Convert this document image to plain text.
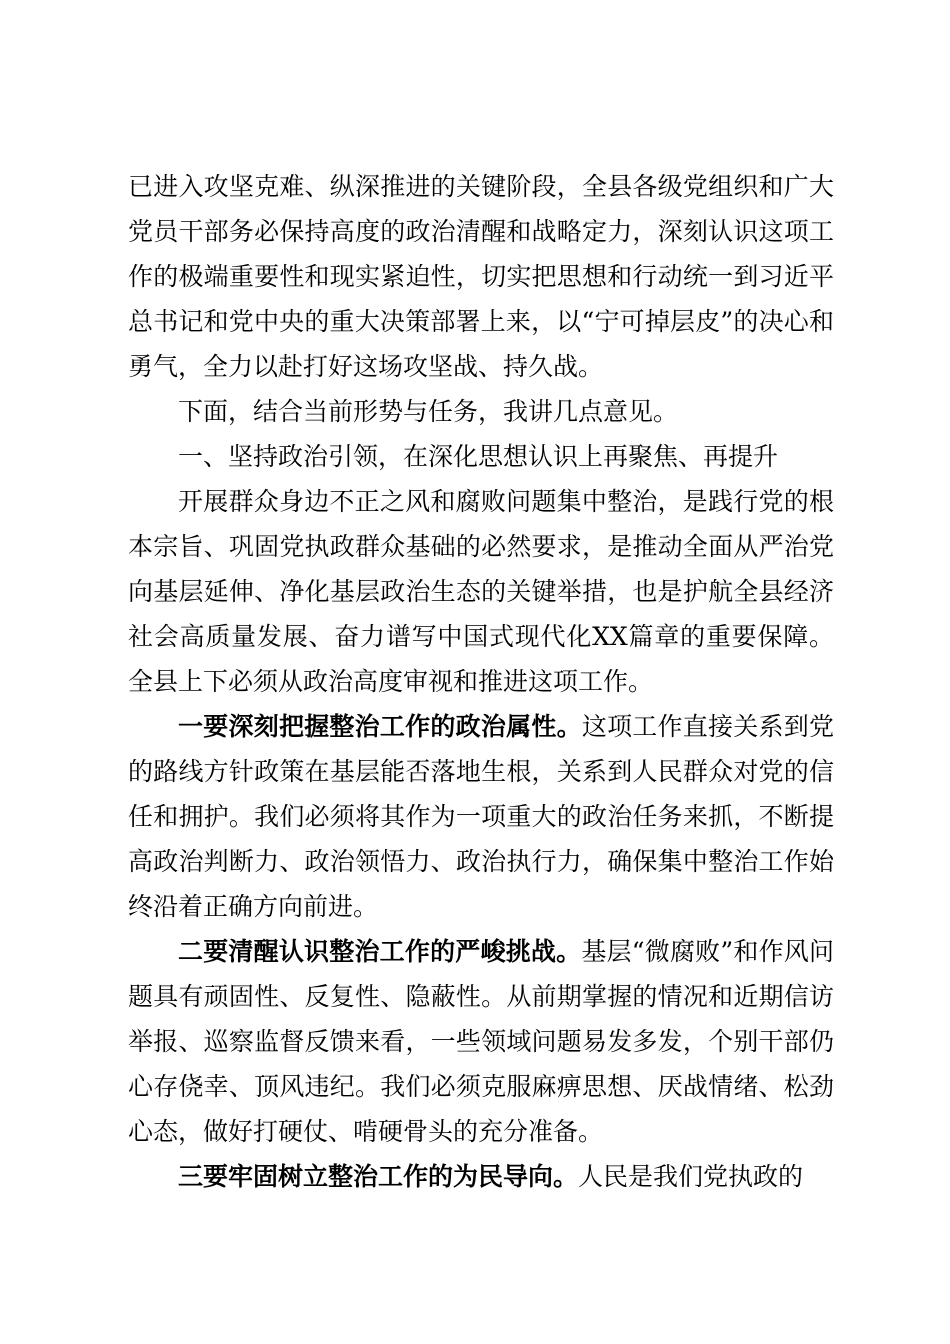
已进入攻坚克难、纵深推进的关键阶段，全县各级党组织和广大党员干部务必保持高度的政治清醒和战略定力，深刻认识这项工作的极端重要性和现实紧迫性，切实把思想和行动统一到习近平总书记和党中央的重大决策部署上来，以“宁可掉层皮”的决心和勇气，全力以赴打好这场攻坚战、持久战。

下面，结合当前形势与任务，我讲几点意见。

一、坚持政治引领，在深化思想认识上再聚焦、再提升

开展群众身边不正之风和腐败问题集中整治，是践行党的根本宗旨、巩固党执政群众基础的必然要求，是推动全面从严治党向基层延伸、净化基层政治生态的关键举措，也是护航全县经济社会高质量发展、奋力谱写中国式现代化XX篇章的重要保障。全县上下必须从政治高度审视和推进这项工作。

一要深刻把握整治工作的政治属性。这项工作直接关系到党的路线方针政策在基层能否落地生根，关系到人民群众对党的信任和拥护。我们必须将其作为一项重大的政治任务来抓，不断提高政治判断力、政治领悟力、政治执行力，确保集中整治工作始终沿着正确方向前进。

二要清醒认识整治工作的严峻挑战。基层“微腐败”和作风问题具有顽固性、反复性、隐蔽性。从前期掌握的情况和近期信访举报、巡察监督反馈来看，一些领域问题易发多发，个别干部仍心存侥幸、顶风违纪。我们必须克服麻痹思想、厌战情绪、松劲心态，做好打硬仗、啃硬骨头的充分准备。

三要牢固树立整治工作的为民导向。人民是我们党执政的
